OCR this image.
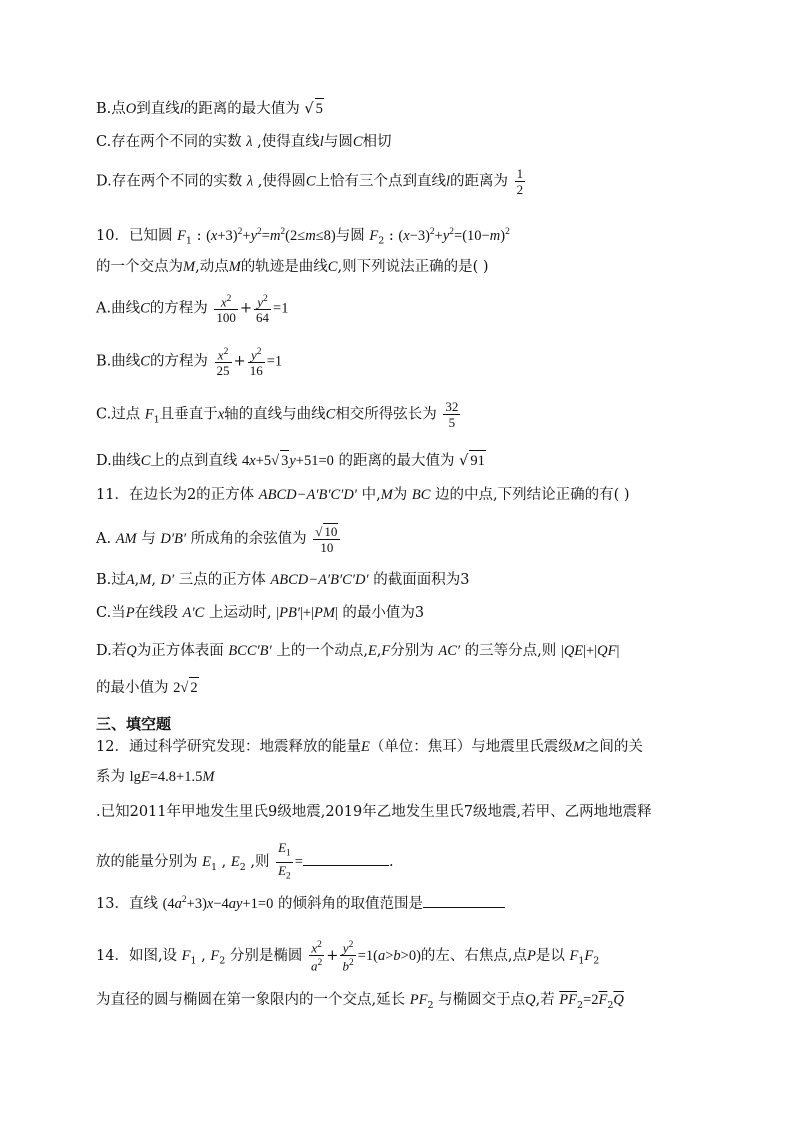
B.点O到直线l的距离的最大值为 √ 5
C.存在两个不同的实数 λ ,使得直线l与圆C相切
D.存在两个不同的实数 λ ,使得圆C上恰有三个点到直线l的距离为 $\frac{1}{2}$
10．已知圆 $F_1$ : $(x+3)^2+y^2=m^2(2\le m\le 8)$与圆 $F_2$ : $(x-3)^2+y^2=(10-m)^2$
的一个交点为M,动点M的轨迹是曲线C,则下列说法正确的是( )
A.曲线C的方程为 $\frac{x^2}{100} + \frac{y^2}{64} =1$
B.曲线C的方程为 $\frac{x^2}{25} + \frac{y^2}{16} =1$
C.过点 $F_1$且垂直于x轴的直线与曲线C相交所得弦长为 $\frac{32}{5}$
D.曲线C上的点到直线 4x+5√ 3y+51=0 的距离的最大值为 √ 91
11．在边长为2的正方体 ABCD−A′B′C′D′ 中,M为 BC 边的中点,下列结论正确的有( )
A. AM 与 D′B′ 所成角的余弦值为 $\frac{√ 10}{10}$
B.过A,M, D′ 三点的正方体 ABCD−A′B′C′D′ 的截面面积为3
C.当P在线段 A′C 上运动时, |PB′|+|PM| 的最小值为3
D.若Q为正方体表面 BCC′B′ 上的一个动点,E,F分别为 AC′ 的三等分点,则 |QE|+|QF|
的最小值为 2√ 2
三、填空题
12．通过科学研究发现：地震释放的能量E（单位：焦耳）与地震里氏震级M之间的关
系为 lgE=4.8+1.5M
.已知2011年甲地发生里氏9级地震,2019年乙地发生里氏7级地震,若甲、乙两地地震释
放的能量分别为 $E_1$ , $E_2$ ,则 $\frac{E_1}{E_2}$ =	.
13．直线 $(4a^2+3)x-4ay+1=0$ 的倾斜角的取值范围是
14．如图,设 $F_1$ , $F_2$ 分别是椭圆 $\frac{x^2}{a^2} + \frac{y^2}{b^2} =1(a>b>0)$的左、右焦点,点P是以 $F_1F_2$
为直径的圆与椭圆在第一象限内的一个交点,延长 $PF_2$ 与椭圆交于点Q,若 $\overline{PF}_2=2\overline{F}_2\overline{Q}$
